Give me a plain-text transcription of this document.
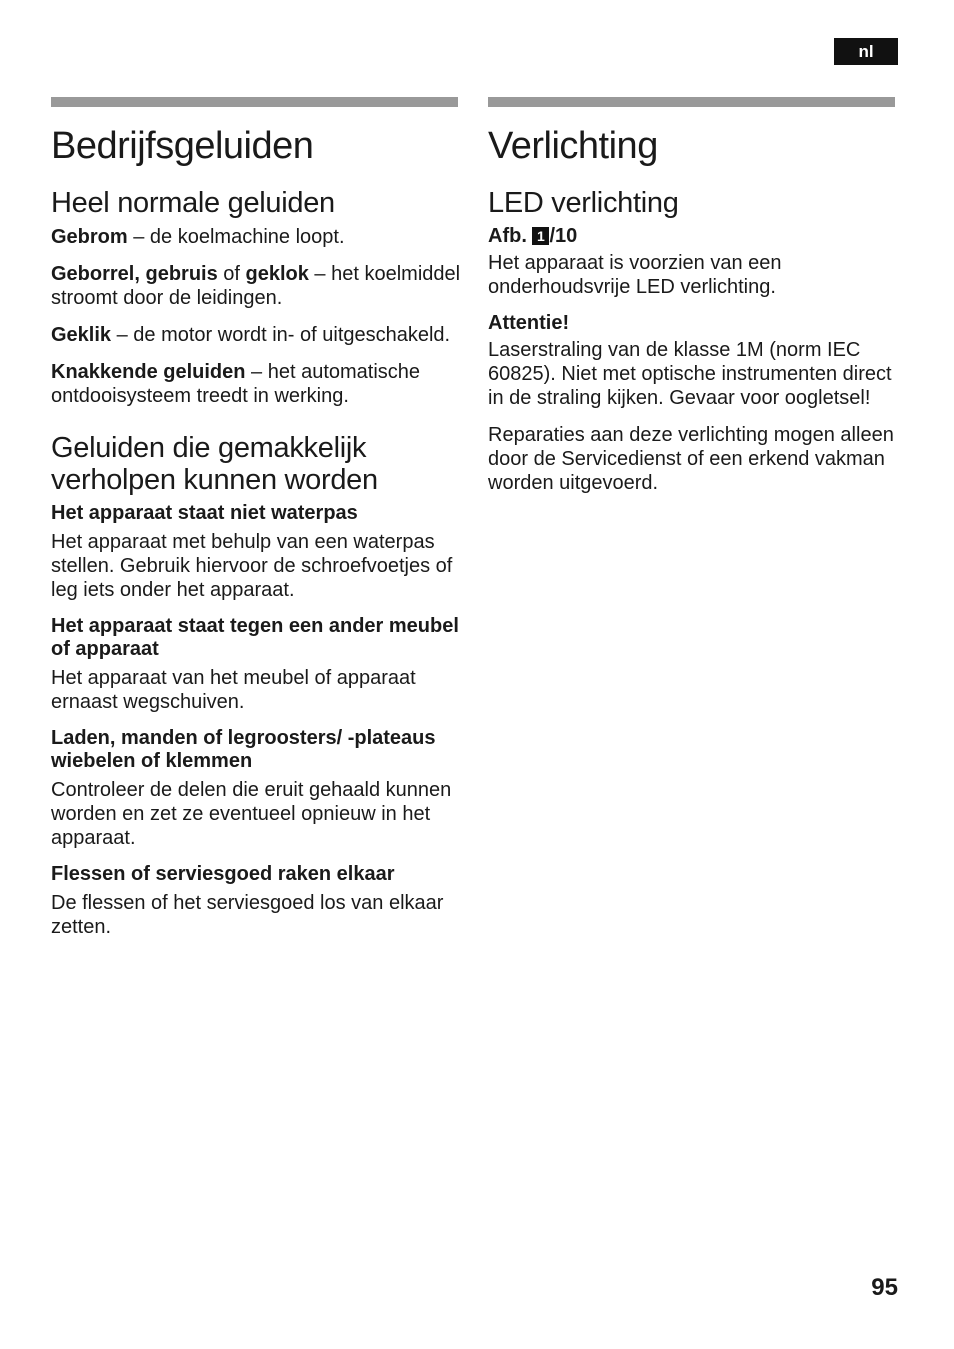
nl
Bedrijfsgeluiden
Heel normale geluiden

Gebrom – de koelmachine loopt.

Geborrel, gebruis of geklok – het koelmiddel stroomt door de leidingen.

Geklik – de motor wordt in- of uitgeschakeld.

Knakkende geluiden – het automatische ontdooisysteem treedt in werking.

Geluiden die gemakkelijk verholpen kunnen worden
Het apparaat staat niet waterpas

Het apparaat met behulp van een waterpas stellen. Gebruik hiervoor de schroefvoetjes of leg iets onder het apparaat.

Het apparaat staat tegen een ander meubel of apparaat

Het apparaat van het meubel of apparaat ernaast wegschuiven.

Laden, manden of legroosters/ -plateaus wiebelen of klemmen

Controleer de delen die eruit gehaald kunnen worden en zet ze eventueel opnieuw in het apparaat.

Flessen of serviesgoed raken elkaar

De flessen of het serviesgoed los van elkaar zetten.

Verlichting
LED verlichting
Afb. 1 /10

Het apparaat is voorzien van een onderhoudsvrije LED verlichting.

Attentie!

Laserstraling van de klasse 1M (norm IEC 60825). Niet met optische instrumenten direct in de straling kijken. Gevaar voor oogletsel!

Reparaties aan deze verlichting mogen alleen door de Servicedienst of een erkend vakman worden uitgevoerd.

95
